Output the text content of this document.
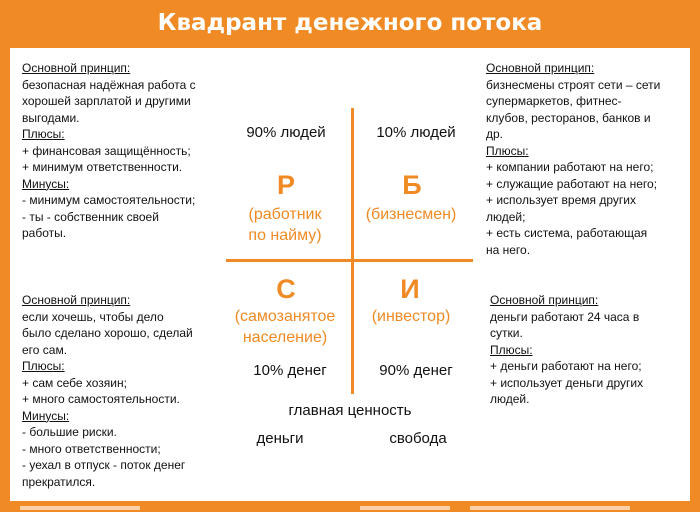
Квадрант денежного потока
Основной принцип:
безопасная надёжная работа с
хорошей зарплатой и другими
выгодами.
Плюсы:
+ финансовая защищённость;
+ минимум ответственности.
Минусы:
- минимум самостоятельности;
- ты - собственник своей
работы.
Основной принцип:
бизнесмены строят сети – сети
супермаркетов, фитнес-
клубов, ресторанов, банков и
др.
Плюсы:
+ компании работают на него;
+ служащие работают на него;
+ использует время других
людей;
+ есть система, работающая
на него.
Основной принцип:
если хочешь, чтобы дело
было сделано хорошо, сделай
его сам.
Плюсы:
+ сам себе хозяин;
+ много самостоятельности.
Минусы:
- большие риски.
- много ответственности;
- уехал в отпуск - поток денег
прекратился.
Основной принцип:
деньги работают 24 часа в
сутки.
Плюсы:
+ деньги работают на него;
+ использует деньги других
людей.
90% людей
Р
(работник
по найму)
10% людей
Б
(бизнесмен)
С
(самозанятое
население)
10% денег
И
(инвестор)
90% денег
главная ценность
деньги	свобода
